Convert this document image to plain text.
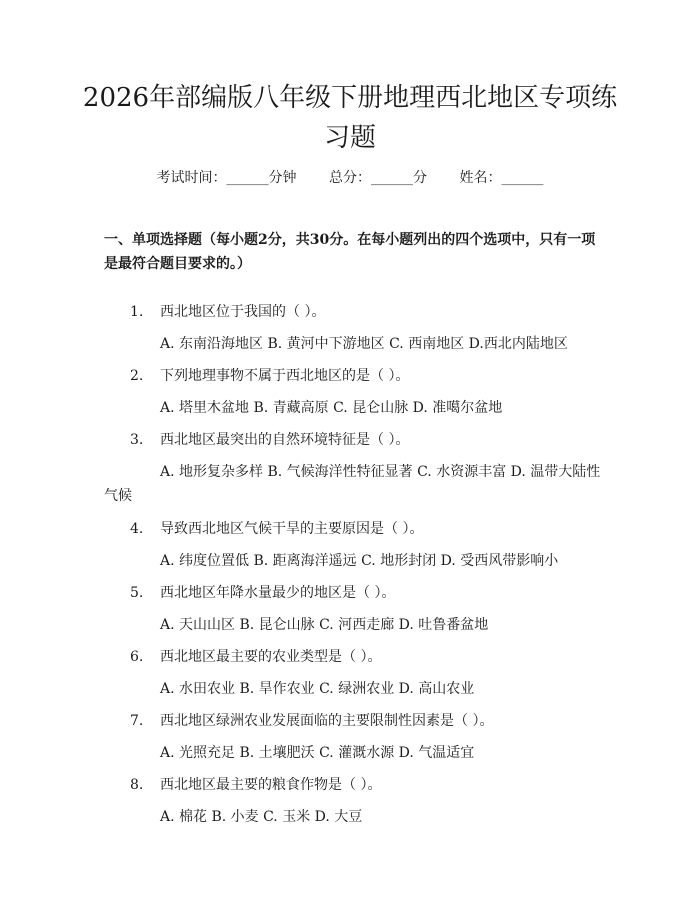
2026年部编版八年级下册地理西北地区专项练习题
考试时间：______分钟 总分：______分 姓名：______

一、单项选择题（每小题2分，共30分。在每小题列出的四个选项中，只有一项是最符合题目要求的。）

1. 西北地区位于我国的（ ）。
A. 东南沿海地区 B. 黄河中下游地区 C. 西南地区 D.西北内陆地区
2. 下列地理事物不属于西北地区的是（ ）。
A. 塔里木盆地 B. 青藏高原 C. 昆仑山脉 D. 准噶尔盆地
3. 西北地区最突出的自然环境特征是（ ）。
A. 地形复杂多样 B. 气候海洋性特征显著 C. 水资源丰富 D. 温带大陆性气候
4. 导致西北地区气候干旱的主要原因是（ ）。
A. 纬度位置低 B. 距离海洋遥远 C. 地形封闭 D. 受西风带影响小
5. 西北地区年降水量最少的地区是（ ）。
A. 天山山区 B. 昆仑山脉 C. 河西走廊 D. 吐鲁番盆地
6. 西北地区最主要的农业类型是（ ）。
A. 水田农业 B. 旱作农业 C. 绿洲农业 D. 高山农业
7. 西北地区绿洲农业发展面临的主要限制性因素是（ ）。
A. 光照充足 B. 土壤肥沃 C. 灌溉水源 D. 气温适宜
8. 西北地区最主要的粮食作物是（ ）。
A. 棉花 B. 小麦 C. 玉米 D. 大豆
